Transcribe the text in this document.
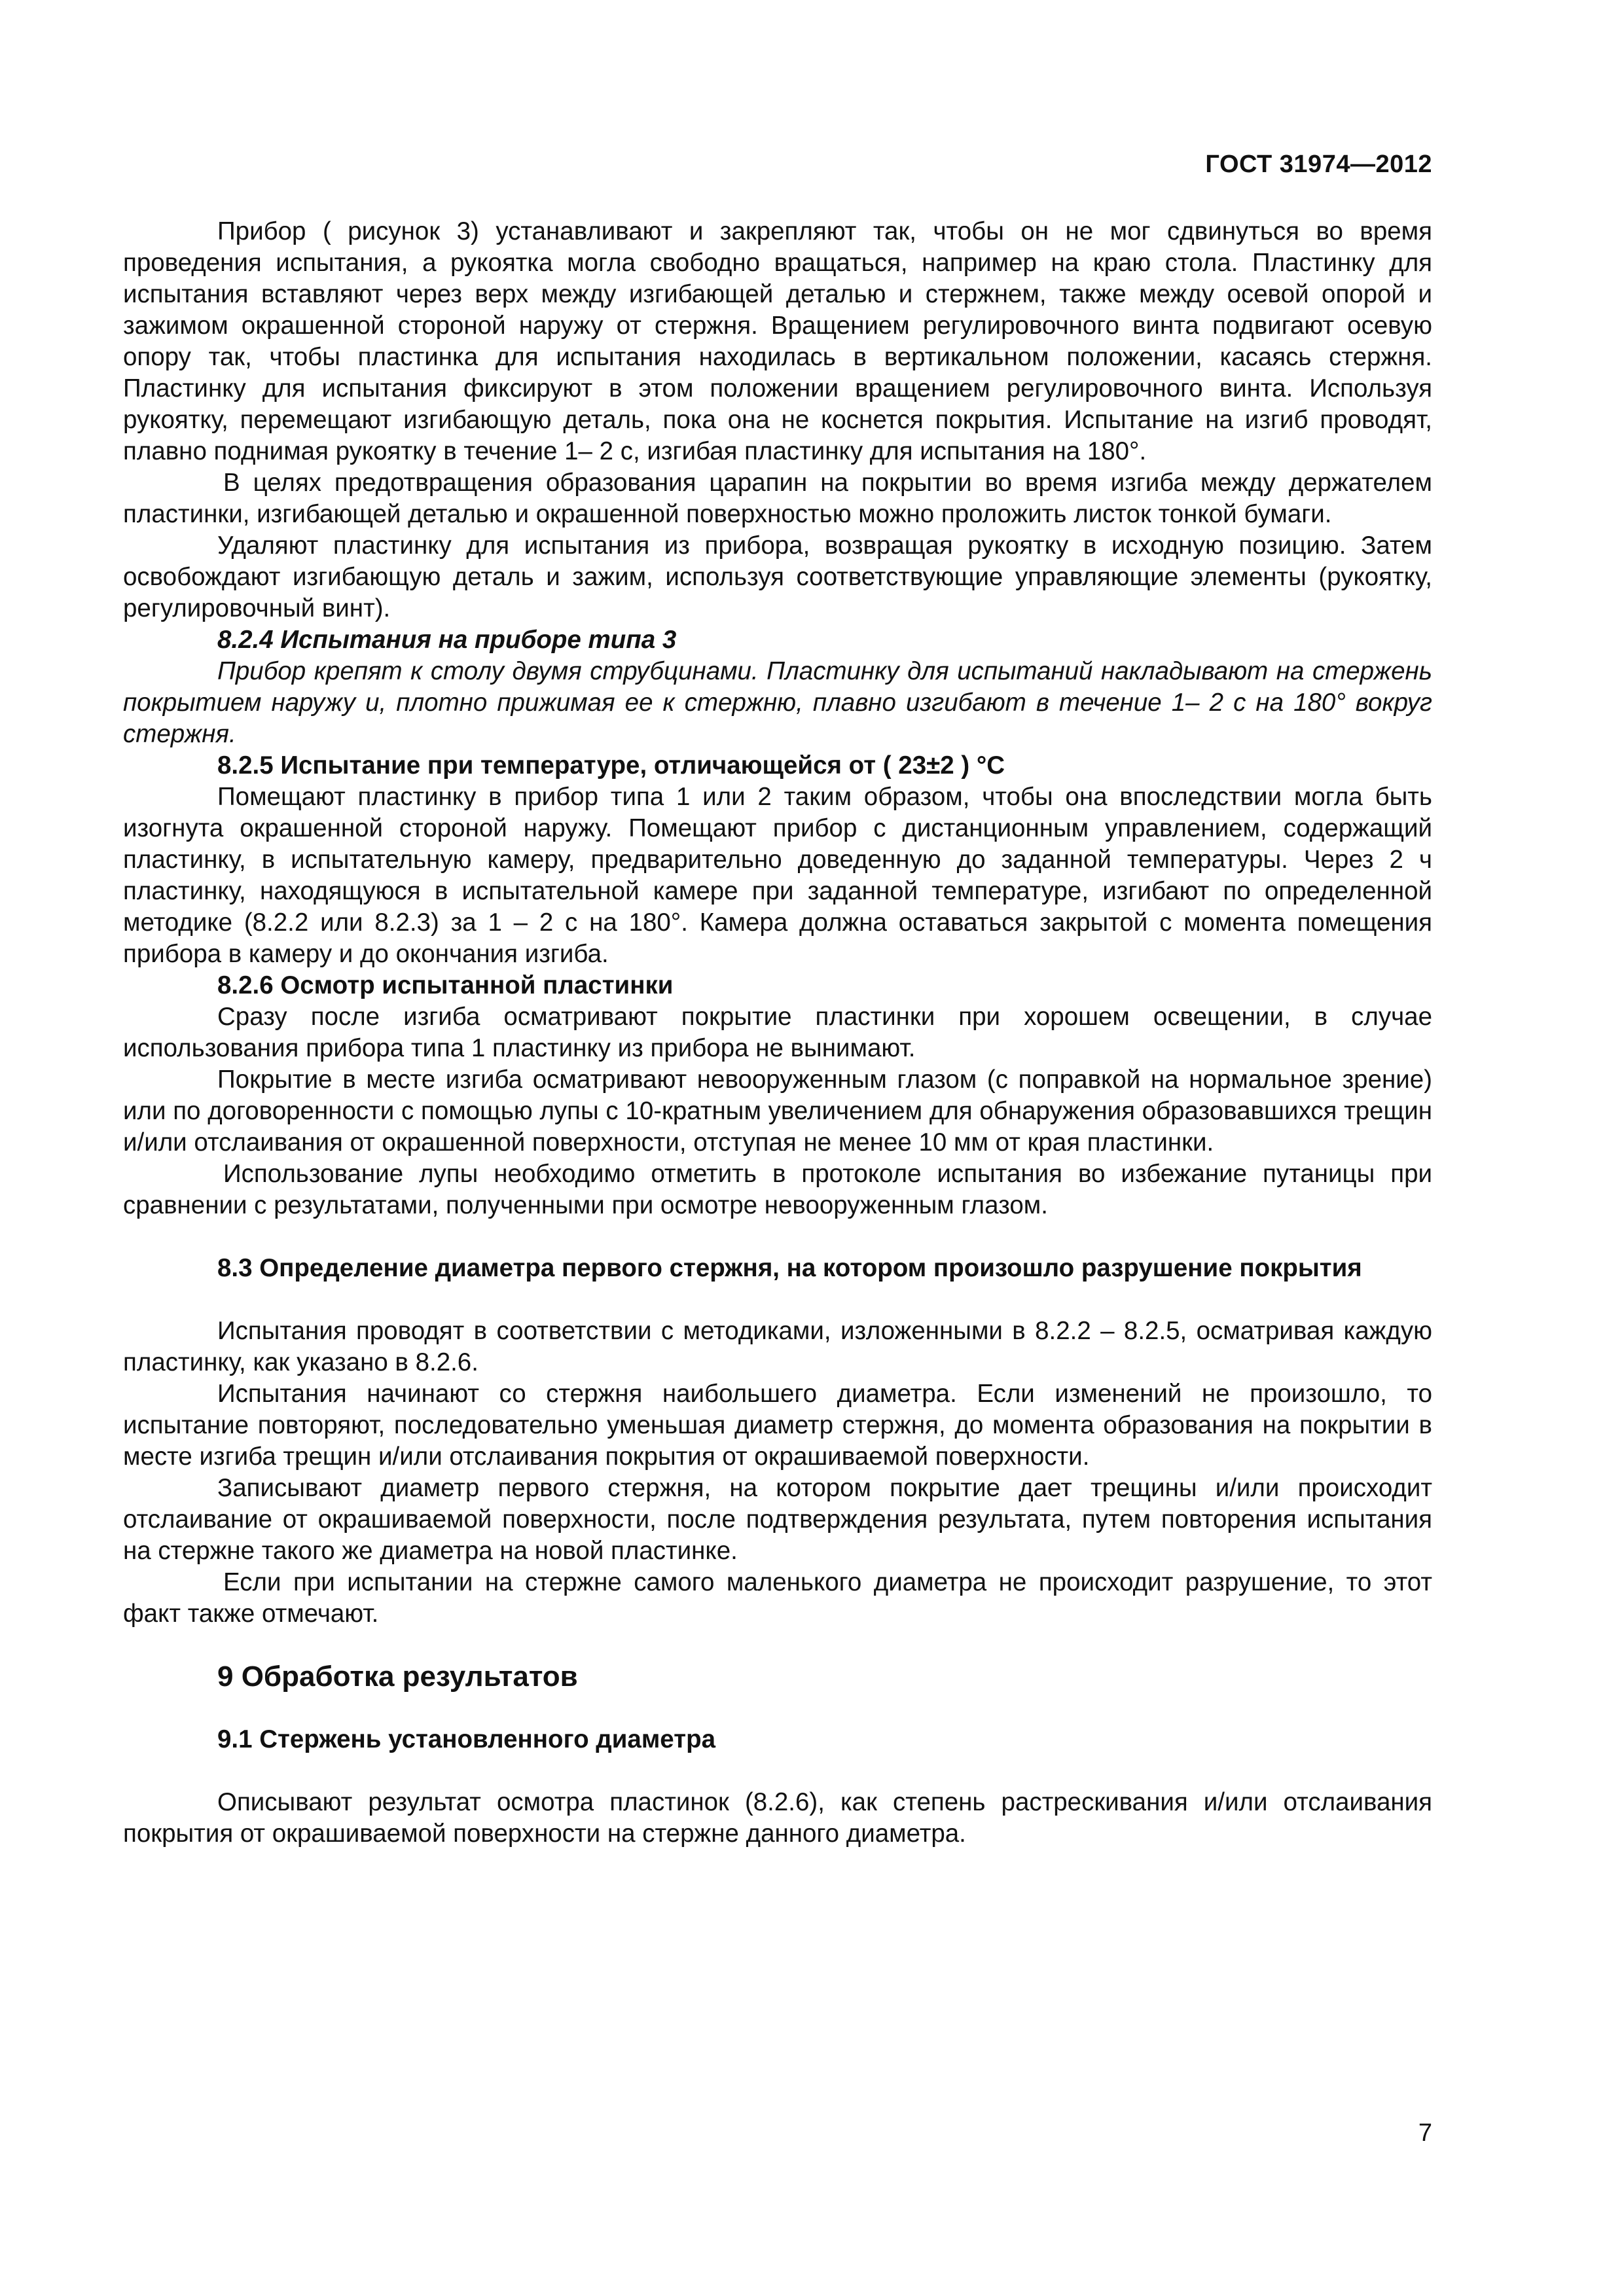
ГОСТ 31974—2012

Прибор ( рисунок 3) устанавливают и закрепляют так, чтобы он не мог сдвинуться во время проведения испытания, а рукоятка могла свободно вращаться, например на краю стола. Пластинку для испытания вставляют через верх между изгибающей деталью и стержнем, также между осевой опорой и зажимом окрашенной стороной наружу от стержня. Вращением регулировочного винта подвигают осевую опору так, чтобы пластинка для испытания находилась в вертикальном положении, касаясь стержня. Пластинку для испытания фиксируют в этом положении вращением регулировочного винта. Используя рукоятку, перемещают изгибающую деталь, пока она не коснется покрытия. Испытание на изгиб проводят, плавно поднимая рукоятку в течение 1– 2 с, изгибая пластинку для испытания на 180°.

В целях предотвращения образования царапин на покрытии во время изгиба между держателем пластинки, изгибающей деталью и окрашенной поверхностью можно проложить листок тонкой бумаги.

Удаляют пластинку для испытания из прибора, возвращая рукоятку в исходную позицию. Затем освобождают изгибающую деталь и зажим, используя соответствующие управляющие элементы (рукоятку, регулировочный винт).

8.2.4 Испытания на приборе типа 3

Прибор крепят к столу двумя струбцинами. Пластинку для испытаний накладывают на стержень покрытием наружу и, плотно прижимая ее к стержню, плавно изгибают в течение 1– 2 с на 180° вокруг стержня.

8.2.5 Испытание при температуре, отличающейся от ( 23±2 ) °С

Помещают пластинку в прибор типа 1 или 2 таким образом, чтобы она впоследствии могла быть изогнута окрашенной стороной наружу. Помещают прибор с дистанционным управлением, содержащий пластинку, в испытательную камеру, предварительно доведенную до заданной температуры. Через 2 ч пластинку, находящуюся в испытательной камере при заданной температуре, изгибают по определенной методике (8.2.2 или 8.2.3) за 1 – 2 с на 180°. Камера должна оставаться закрытой с момента помещения прибора в камеру и до окончания изгиба.

8.2.6 Осмотр испытанной пластинки

Сразу после изгиба осматривают покрытие пластинки при хорошем освещении, в случае использования прибора типа 1 пластинку из прибора не вынимают.

Покрытие в месте изгиба осматривают невооруженным глазом (с поправкой на нормальное зрение) или по договоренности с помощью лупы с 10-кратным увеличением для обнаружения образовавшихся трещин и/или отслаивания от окрашенной поверхности, отступая не менее 10 мм от края пластинки.

Использование лупы необходимо отметить в протоколе испытания во избежание путаницы при сравнении с результатами, полученными при осмотре невооруженным глазом.

8.3 Определение диаметра первого стержня, на котором произошло разрушение покрытия

Испытания проводят в соответствии с методиками, изложенными в 8.2.2 – 8.2.5, осматривая каждую пластинку, как указано в 8.2.6.

Испытания начинают со стержня наибольшего диаметра. Если изменений не произошло, то испытание повторяют, последовательно уменьшая диаметр стержня, до момента образования на покрытии в месте изгиба трещин и/или отслаивания покрытия от окрашиваемой поверхности.

Записывают диаметр первого стержня, на котором покрытие дает трещины и/или происходит отслаивание от окрашиваемой поверхности, после подтверждения результата, путем повторения испытания на стержне такого же диаметра на новой пластинке.

Если при испытании на стержне самого маленького диаметра не происходит разрушение, то этот факт также отмечают.

9 Обработка результатов

9.1 Стержень установленного диаметра

Описывают результат осмотра пластинок (8.2.6), как степень растрескивания и/или отслаивания покрытия от окрашиваемой поверхности на стержне данного диаметра.

7
